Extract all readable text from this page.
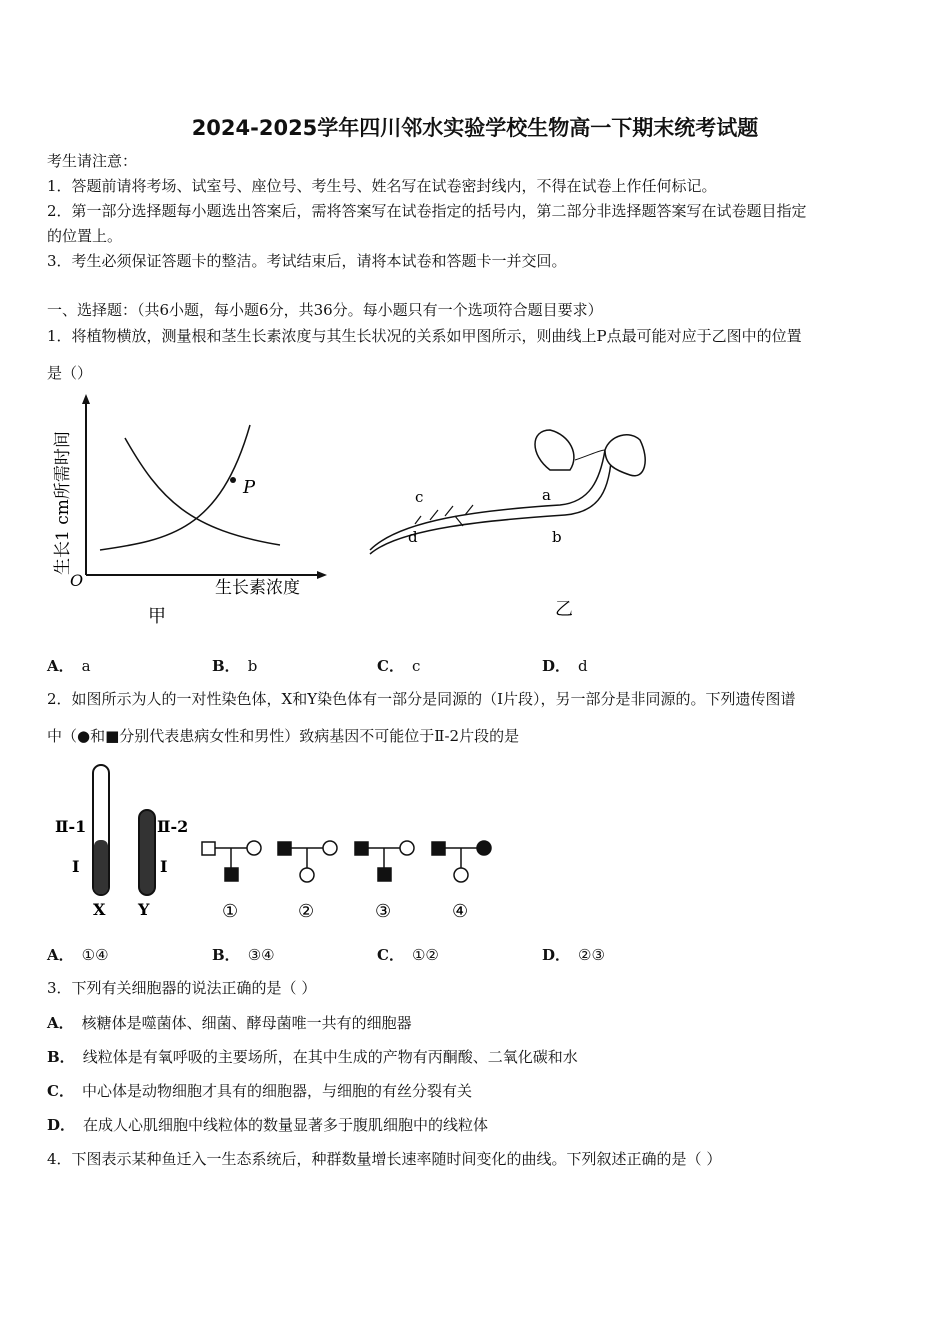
2024-2025学年四川邻水实验学校生物高一下期末统考试题
考生请注意：
1．答题前请将考场、试室号、座位号、考生号、姓名写在试卷密封线内，不得在试卷上作任何标记。
2．第一部分选择题每小题选出答案后，需将答案写在试卷指定的括号内，第二部分非选择题答案写在试卷题目指定
的位置上。
3．考生必须保证答题卡的整洁。考试结束后，请将本试卷和答题卡一并交回。
一、选择题：（共6小题，每小题6分，共36分。每小题只有一个选项符合题目要求）
1．将植物横放，测量根和茎生长素浓度与其生长状况的关系如甲图所示，则曲线上P点最可能对应于乙图中的位置
是（）
P
O	生长素浓度
生长1 cm所需时间
甲
a
b
c
d
乙
A． a	B． b	C． c	D． d
2．如图所示为人的一对性染色体，X和Y染色体有一部分是同源的（Ⅰ片段），另一部分是非同源的。下列遗传图谱
中（●和■分别代表患病女性和男性）致病基因不可能位于Ⅱ-2片段的是
Ⅱ-1	Ⅱ-2
Ⅰ	Ⅰ
X Y	①	②	③	④
A． ①④	B． ③④	C． ①②	D． ②③
3．下列有关细胞器的说法正确的是（ ）
A． 核糖体是噬菌体、细菌、酵母菌唯一共有的细胞器
B． 线粒体是有氧呼吸的主要场所，在其中生成的产物有丙酮酸、二氧化碳和水
C． 中心体是动物细胞才具有的细胞器，与细胞的有丝分裂有关
D． 在成人心肌细胞中线粒体的数量显著多于腹肌细胞中的线粒体
4．下图表示某种鱼迁入一生态系统后，种群数量增长速率随时间变化的曲线。下列叙述正确的是（ ）
